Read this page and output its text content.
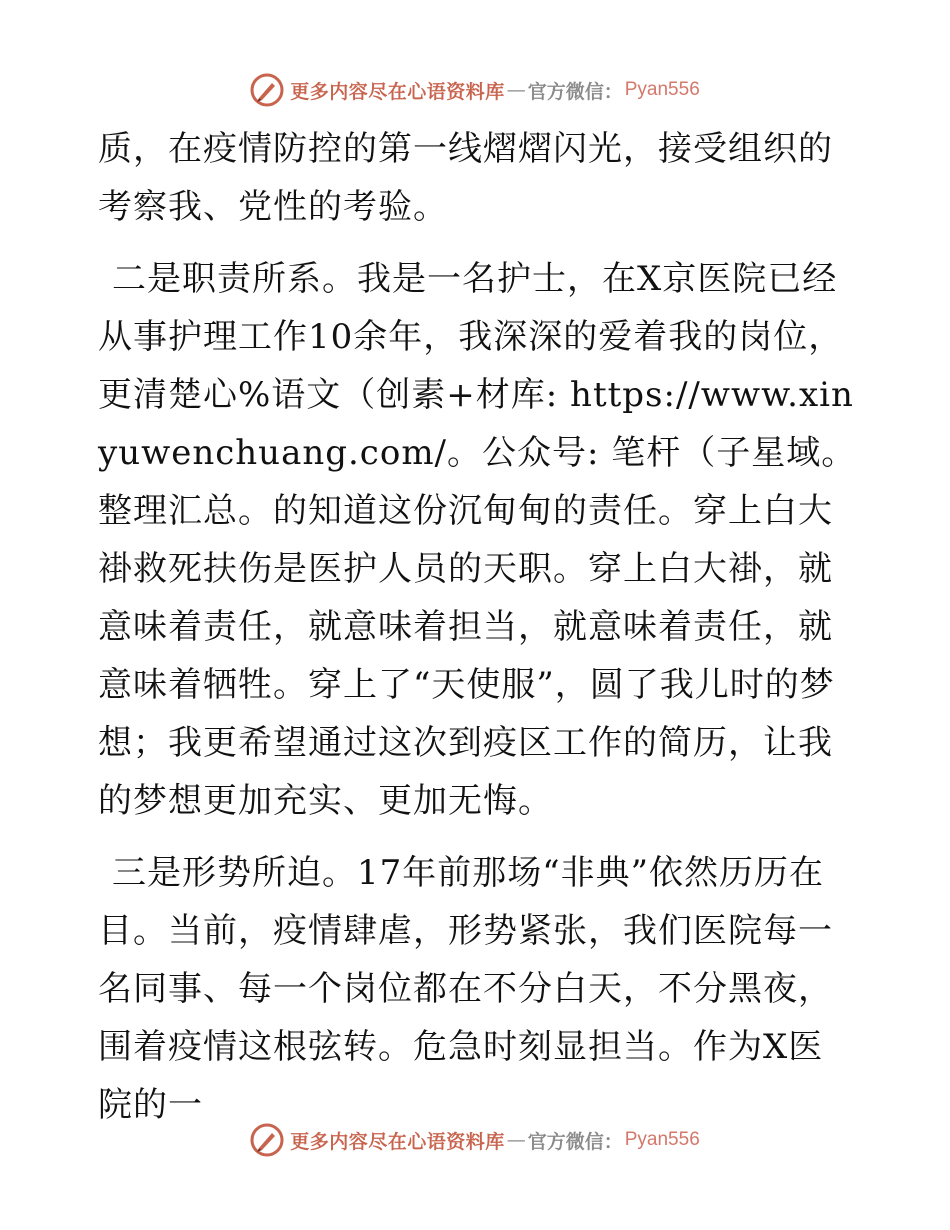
更多内容尽在心语资料库 — 官方微信： Pyan556

质，在疫情防控的第一线熠熠闪光，接受组织的考察我、党性的考验。

二是职责所系。我是一名护士，在X京医院已经从事护理工作10余年，我深深的爱着我的岗位，更清楚心%语文（创素+材库: https://www.xinyuwenchuang.com/。公众号: 笔杆（子星域。整理汇总。的知道这份沉甸甸的责任。穿上白大褂救死扶伤是医护人员的天职。穿上白大褂，就意味着责任，就意味着担当，就意味着责任，就意味着牺牲。穿上了“天使服”，圆了我儿时的梦想；我更希望通过这次到疫区工作的简历，让我的梦想更加充实、更加无悔。

三是形势所迫。17年前那场“非典”依然历历在目。当前，疫情肆虐，形势紧张，我们医院每一名同事、每一个岗位都在不分白天，不分黑夜，围着疫情这根弦转。危急时刻显担当。作为X医院的一

更多内容尽在心语资料库 — 官方微信： Pyan556
